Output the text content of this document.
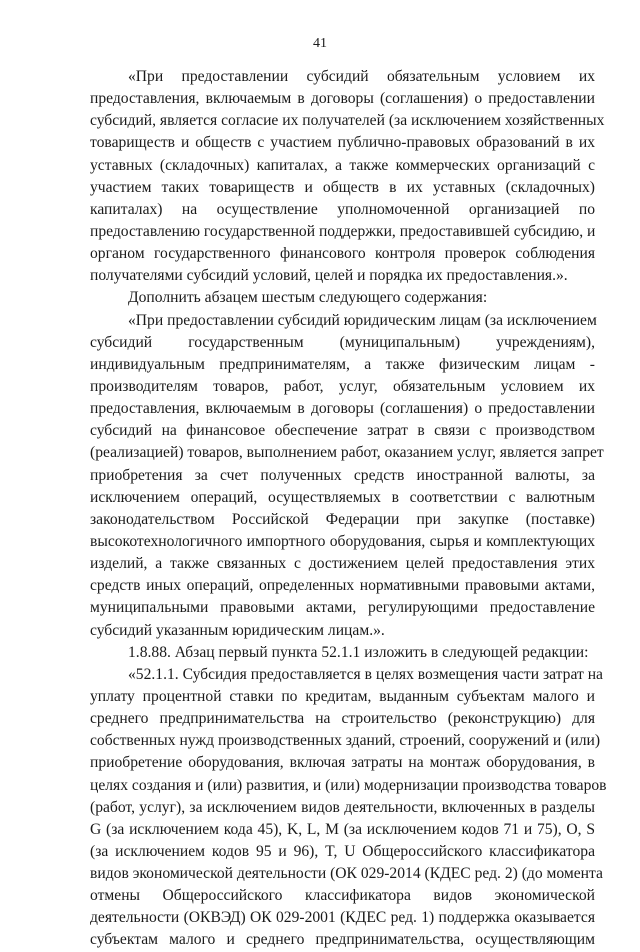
41
«При предоставлении субсидий обязательным условием их
предоставления, включаемым в договоры (соглашения) о предоставлении
субсидий, является согласие их получателей (за исключением хозяйственных
товариществ и обществ с участием публично-правовых образований в их
уставных (складочных) капиталах, а также коммерческих организаций с
участием таких товариществ и обществ в их уставных (складочных)
капиталах) на осуществление уполномоченной организацией по
предоставлению государственной поддержки, предоставившей субсидию, и
органом государственного финансового контроля проверок соблюдения
получателями субсидий условий, целей и порядка их предоставления.».
Дополнить абзацем шестым следующего содержания:
«При предоставлении субсидий юридическим лицам (за исключением
субсидий государственным (муниципальным) учреждениям),
индивидуальным предпринимателям, а также физическим лицам -
производителям товаров, работ, услуг, обязательным условием их
предоставления, включаемым в договоры (соглашения) о предоставлении
субсидий на финансовое обеспечение затрат в связи с производством
(реализацией) товаров, выполнением работ, оказанием услуг, является запрет
приобретения за счет полученных средств иностранной валюты, за
исключением операций, осуществляемых в соответствии с валютным
законодательством Российской Федерации при закупке (поставке)
высокотехнологичного импортного оборудования, сырья и комплектующих
изделий, а также связанных с достижением целей предоставления этих
средств иных операций, определенных нормативными правовыми актами,
муниципальными правовыми актами, регулирующими предоставление
субсидий указанным юридическим лицам.».
1.8.88. Абзац первый пункта 52.1.1 изложить в следующей редакции:
«52.1.1. Субсидия предоставляется в целях возмещения части затрат на
уплату процентной ставки по кредитам, выданным субъектам малого и
среднего предпринимательства на строительство (реконструкцию) для
собственных нужд производственных зданий, строений, сооружений и (или)
приобретение оборудования, включая затраты на монтаж оборудования, в
целях создания и (или) развития, и (или) модернизации производства товаров
(работ, услуг), за исключением видов деятельности, включенных в разделы
G (за исключением кода 45), K, L, M (за исключением кодов 71 и 75), O, S
(за исключением кодов 95 и 96), T, U Общероссийского классификатора
видов экономической деятельности (ОК 029-2014 (КДЕС ред. 2) (до момента
отмены Общероссийского классификатора видов экономической
деятельности (ОКВЭД) ОК 029-2001 (КДЕС ред. 1) поддержка оказывается
субъектам малого и среднего предпринимательства, осуществляющим
